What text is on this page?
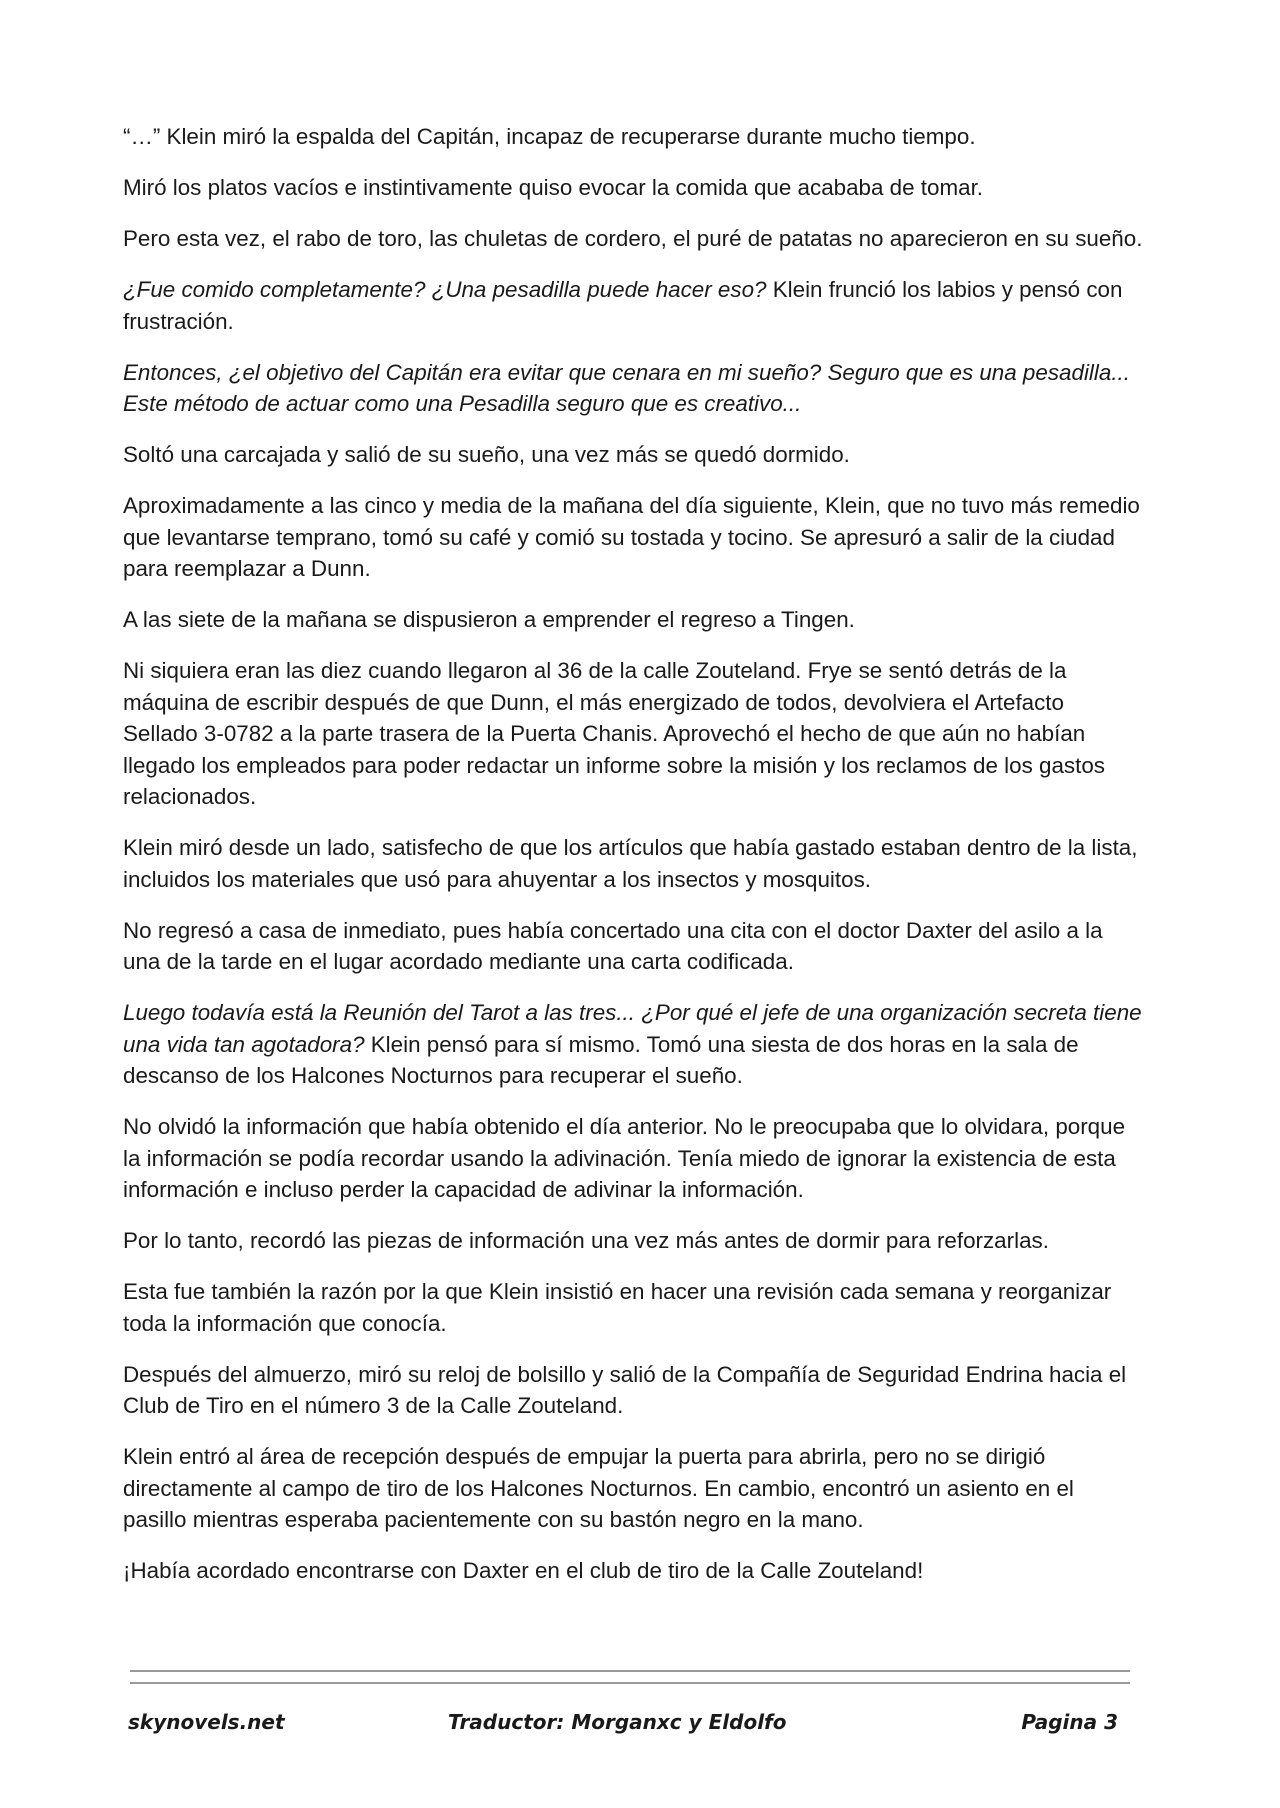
“…” Klein miró la espalda del Capitán, incapaz de recuperarse durante mucho tiempo.

Miró los platos vacíos e instintivamente quiso evocar la comida que acababa de tomar.

Pero esta vez, el rabo de toro, las chuletas de cordero, el puré de patatas no aparecieron en su sueño.

¿Fue comido completamente? ¿Una pesadilla puede hacer eso? Klein frunció los labios y pensó con frustración.

Entonces, ¿el objetivo del Capitán era evitar que cenara en mi sueño? Seguro que es una pesadilla... Este método de actuar como una Pesadilla seguro que es creativo...

Soltó una carcajada y salió de su sueño, una vez más se quedó dormido.

Aproximadamente a las cinco y media de la mañana del día siguiente, Klein, que no tuvo más remedio que levantarse temprano, tomó su café y comió su tostada y tocino. Se apresuró a salir de la ciudad para reemplazar a Dunn.

A las siete de la mañana se dispusieron a emprender el regreso a Tingen.

Ni siquiera eran las diez cuando llegaron al 36 de la calle Zouteland. Frye se sentó detrás de la máquina de escribir después de que Dunn, el más energizado de todos, devolviera el Artefacto Sellado 3-0782 a la parte trasera de la Puerta Chanis. Aprovechó el hecho de que aún no habían llegado los empleados para poder redactar un informe sobre la misión y los reclamos de los gastos relacionados.

Klein miró desde un lado, satisfecho de que los artículos que había gastado estaban dentro de la lista, incluidos los materiales que usó para ahuyentar a los insectos y mosquitos.

No regresó a casa de inmediato, pues había concertado una cita con el doctor Daxter del asilo a la una de la tarde en el lugar acordado mediante una carta codificada.

Luego todavía está la Reunión del Tarot a las tres... ¿Por qué el jefe de una organización secreta tiene una vida tan agotadora? Klein pensó para sí mismo. Tomó una siesta de dos horas en la sala de descanso de los Halcones Nocturnos para recuperar el sueño.

No olvidó la información que había obtenido el día anterior. No le preocupaba que lo olvidara, porque la información se podía recordar usando la adivinación. Tenía miedo de ignorar la existencia de esta información e incluso perder la capacidad de adivinar la información.

Por lo tanto, recordó las piezas de información una vez más antes de dormir para reforzarlas.

Esta fue también la razón por la que Klein insistió en hacer una revisión cada semana y reorganizar toda la información que conocía.

Después del almuerzo, miró su reloj de bolsillo y salió de la Compañía de Seguridad Endrina hacia el Club de Tiro en el número 3 de la Calle Zouteland.

Klein entró al área de recepción después de empujar la puerta para abrirla, pero no se dirigió directamente al campo de tiro de los Halcones Nocturnos. En cambio, encontró un asiento en el pasillo mientras esperaba pacientemente con su bastón negro en la mano.

¡Había acordado encontrarse con Daxter en el club de tiro de la Calle Zouteland!

skynovels.net	Traductor: Morganxc y Eldolfo	Pagina 3
